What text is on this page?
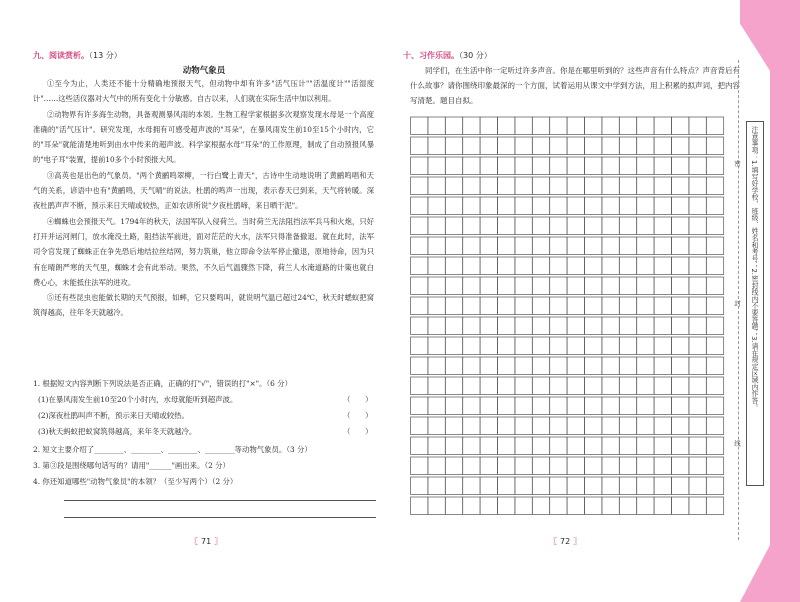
九、阅读赏析。（13 分）
动物气象员

①至今为止，人类还不能十分精确地预报天气，但动物中却有许多"活气压计""活温度计""活湿度计"……这些活仪器对大气中的所有变化十分敏感。自古以来，人们就在实际生活中加以利用。

②动物界有许多海生动物，具备观测暴风雨的本领。生物工程学家根据多次观察发现水母是一个高度准确的"活气压计"。研究发现，水母拥有可感受超声波的"耳朵"，在暴风雨发生前10至15个小时内，它的"耳朵"就能清楚地听到由水中传来的超声波。科学家根据水母"耳朵"的工作原理，制成了自动预报风暴的"电子耳"装置，提前10多个小时预报大风。

③高英也是出色的气象员。"两个黄鹂鸣翠柳，一行白鹭上青天"，古诗中生动地说明了黄鹂鸣唱和天气的关系，谚语中也有"黄鹂鸣，天气晴"的说法。杜鹃的鸣声一出现，表示春天已到来，天气将转暖。深夜杜鹃声声不断，预示来日天晴或较热，正如农谚所说"夕夜杜鹃啼，来日晒干泥"。

④蜘蛛也会预报天气。1794年的秋天，法国军队入侵荷兰。当时荷兰无法阻挡法军兵马和火炮，只好打开并运河闸门，放水淹没土路，阻挡法军前进，面对茫茫的大水，法军只得准备撤退。就在此时，法军司令官发现了蜘蛛正在争先恐后地结拉丝结网，努力筑巢，他立即命令法军停止撤退，原地待命，因为只有在晴朗严寒的天气里，蜘蛛才会有此举动。果然，不久后气温骤然下降，荷兰人水淹道路的计策也就白费心心，未能抵住法军的进攻。

⑤还有些昆虫也能做长期的天气预报，如蟀，它只要鸣叫，就说明气温已超过24℃，秋天时蟋蚁把窝筑得越高，往年冬天就越冷。

1. 根据短文内容判断下列说法是否正确，正确的打"√"，错误的打"×"。（6 分）
(1)在暴风雨发生前10至20个小时内，水母就能听到超声波。	（　　）
(2)深夜杜鹃叫声不断，预示来日天晴或较热。	（　　）
(3)秋天蚂蚁把蚁窝筑得越高，来年冬天就越冷。	（　　）
2. 短文主要介绍了________、________、________、________等动物气象员。（3 分）
3. 第③段是围绕哪句话写的？请用"______"画出来。（2 分）
4. 你还知道哪些"动物气象员"的本领？（至少写两个）（2 分）
〖 71 〗
十、习作乐园。（30 分）

同学们，在生活中你一定听过许多声音。你是在哪里听到的？这些声音有什么特点？声音背后有什么故事？请你围绕印象最深的一个方面，试着运用从课文中学到方法，用上积累的拟声词，把内容写清楚。题目自拟。

〖 72 〗
密
封
线
注意事项：1.填写好学校、班级、姓名和考号；2.密封线内不要答题；3.请在规定区域内作答。
